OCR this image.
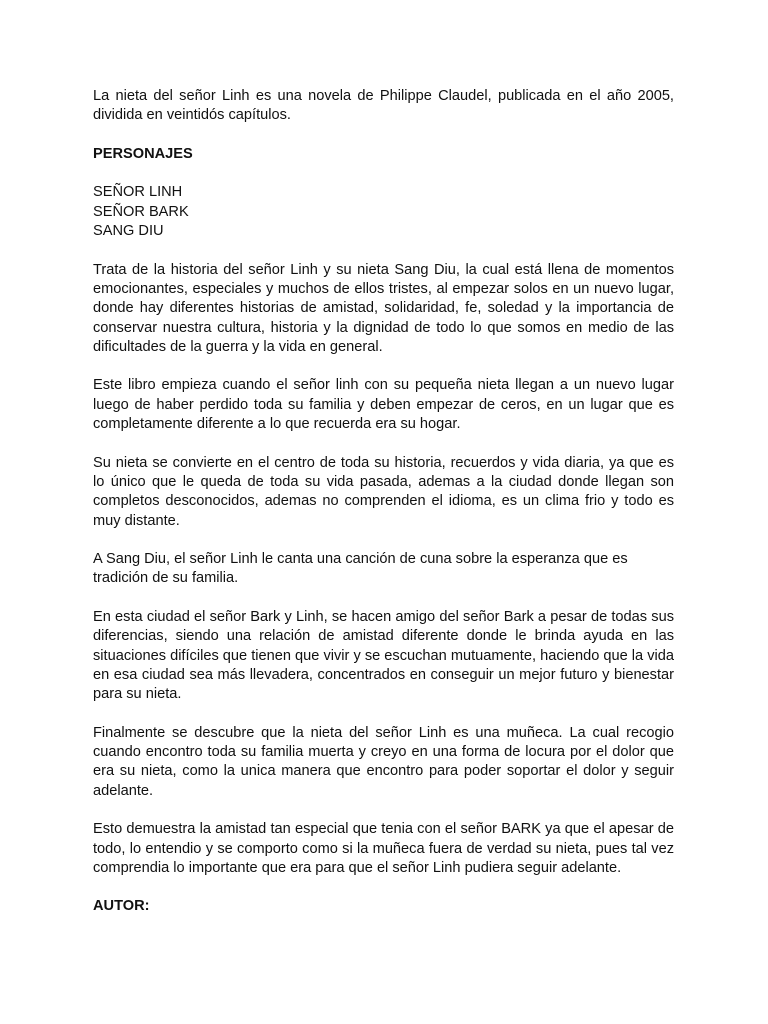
La nieta del señor Linh es una novela de Philippe Claudel, publicada en el año 2005, dividida en veintidós capítulos.

PERSONAJES

SEÑOR LINH
SEÑOR BARK
SANG DIU

Trata de la historia del señor Linh y su nieta Sang Diu, la cual está llena de momentos emocionantes, especiales y muchos de ellos tristes, al empezar solos en un nuevo lugar, donde hay diferentes historias de amistad, solidaridad, fe, soledad y la importancia de conservar nuestra cultura, historia y la dignidad de todo lo que somos en medio de las dificultades de la guerra y la vida en general.

Este libro empieza cuando el señor linh con su pequeña nieta llegan a un nuevo lugar luego de haber perdido toda su familia y deben empezar de ceros, en un lugar que es completamente diferente a lo que recuerda era su hogar.

Su nieta se convierte en el centro de toda su historia, recuerdos y vida diaria, ya que es lo único que le queda de toda su vida pasada, ademas a la ciudad donde llegan son completos desconocidos, ademas no comprenden el idioma, es un clima frio y todo es muy distante.

A Sang Diu, el señor Linh le canta una canción de cuna sobre la esperanza que es tradición de su familia.

En esta ciudad el señor Bark y Linh, se hacen amigo del señor Bark a pesar de todas sus diferencias, siendo una relación de amistad diferente donde le brinda ayuda en las situaciones difíciles que tienen que vivir y se escuchan mutuamente, haciendo que la vida en esa ciudad sea más llevadera, concentrados en conseguir un mejor futuro y bienestar para su nieta.

Finalmente se descubre que la nieta del señor Linh es una muñeca. La cual recogio cuando encontro toda su familia muerta y creyo en una forma de locura por el dolor que era su nieta, como la unica manera que encontro para poder soportar el dolor y seguir adelante.

Esto demuestra la amistad tan especial que tenia con el señor BARK ya que el apesar de todo, lo entendio y se comporto como si la muñeca fuera de verdad su nieta, pues tal vez comprendia lo importante que era para que el señor Linh pudiera seguir adelante.

AUTOR:
